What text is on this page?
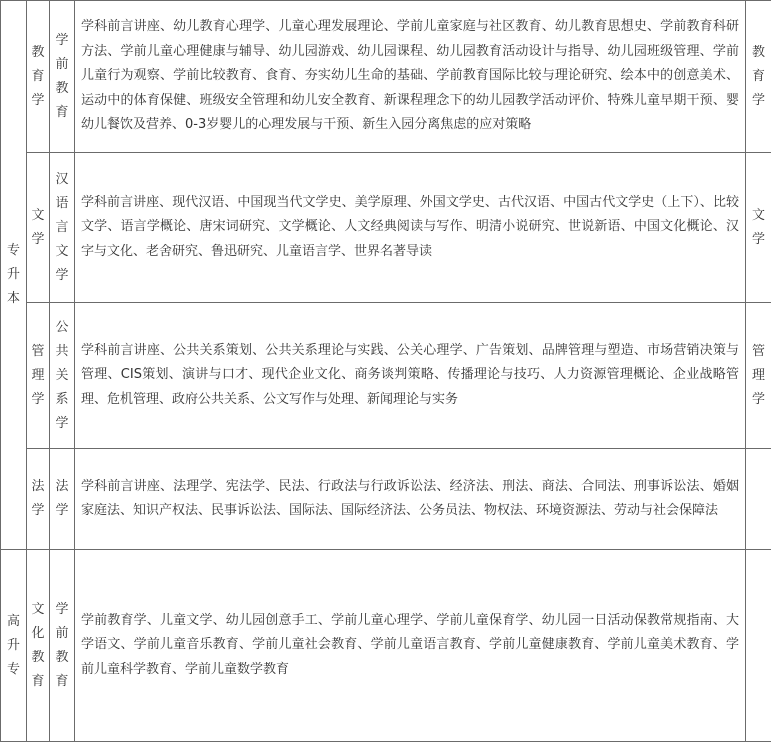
专升本	教育学	学前教育	学科前言讲座、幼儿教育心理学、儿童心理发展理论、学前儿童家庭与社区教育、幼儿教育思想史、学前教育科研方法、学前儿童心理健康与辅导、幼儿园游戏、幼儿园课程、幼儿园教育活动设计与指导、幼儿园班级管理、学前儿童行为观察、学前比较教育、食育、夯实幼儿生命的基础、学前教育国际比较与理论研究、绘本中的创意美术、运动中的体育保健、班级安全管理和幼儿安全教育、新课程理念下的幼儿园教学活动评价、特殊儿童早期干预、婴幼儿餐饮及营养、0-3岁婴儿的心理发展与干预、新生入园分离焦虑的应对策略	教育学

	文学	汉语言文学	学科前言讲座、现代汉语、中国现当代文学史、美学原理、外国文学史、古代汉语、中国古代文学史（上下）、比较文学、语言学概论、唐宋词研究、文学概论、人文经典阅读与写作、明清小说研究、世说新语、中国文化概论、汉字与文化、老舍研究、鲁迅研究、儿童语言学、世界名著导读	文学

	管理学	公共关系学	学科前言讲座、公共关系策划、公共关系理论与实践、公关心理学、广告策划、品牌管理与塑造、市场营销决策与管理、CIS策划、演讲与口才、现代企业文化、商务谈判策略、传播理论与技巧、人力资源管理概论、企业战略管理、危机管理、政府公共关系、公文写作与处理、新闻理论与实务	管理学

	法学	法学	学科前言讲座、法理学、宪法学、民法、行政法与行政诉讼法、经济法、刑法、商法、合同法、刑事诉讼法、婚姻家庭法、知识产权法、民事诉讼法、国际法、国际经济法、公务员法、物权法、环境资源法、劳动与社会保障法	

高升专	文化教育	学前教育	学前教育学、儿童文学、幼儿园创意手工、学前儿童心理学、学前儿童保育学、幼儿园一日活动保教常规指南、大学语文、学前儿童音乐教育、学前儿童社会教育、学前儿童语言教育、学前儿童健康教育、学前儿童美术教育、学前儿童科学教育、学前儿童数学教育	
